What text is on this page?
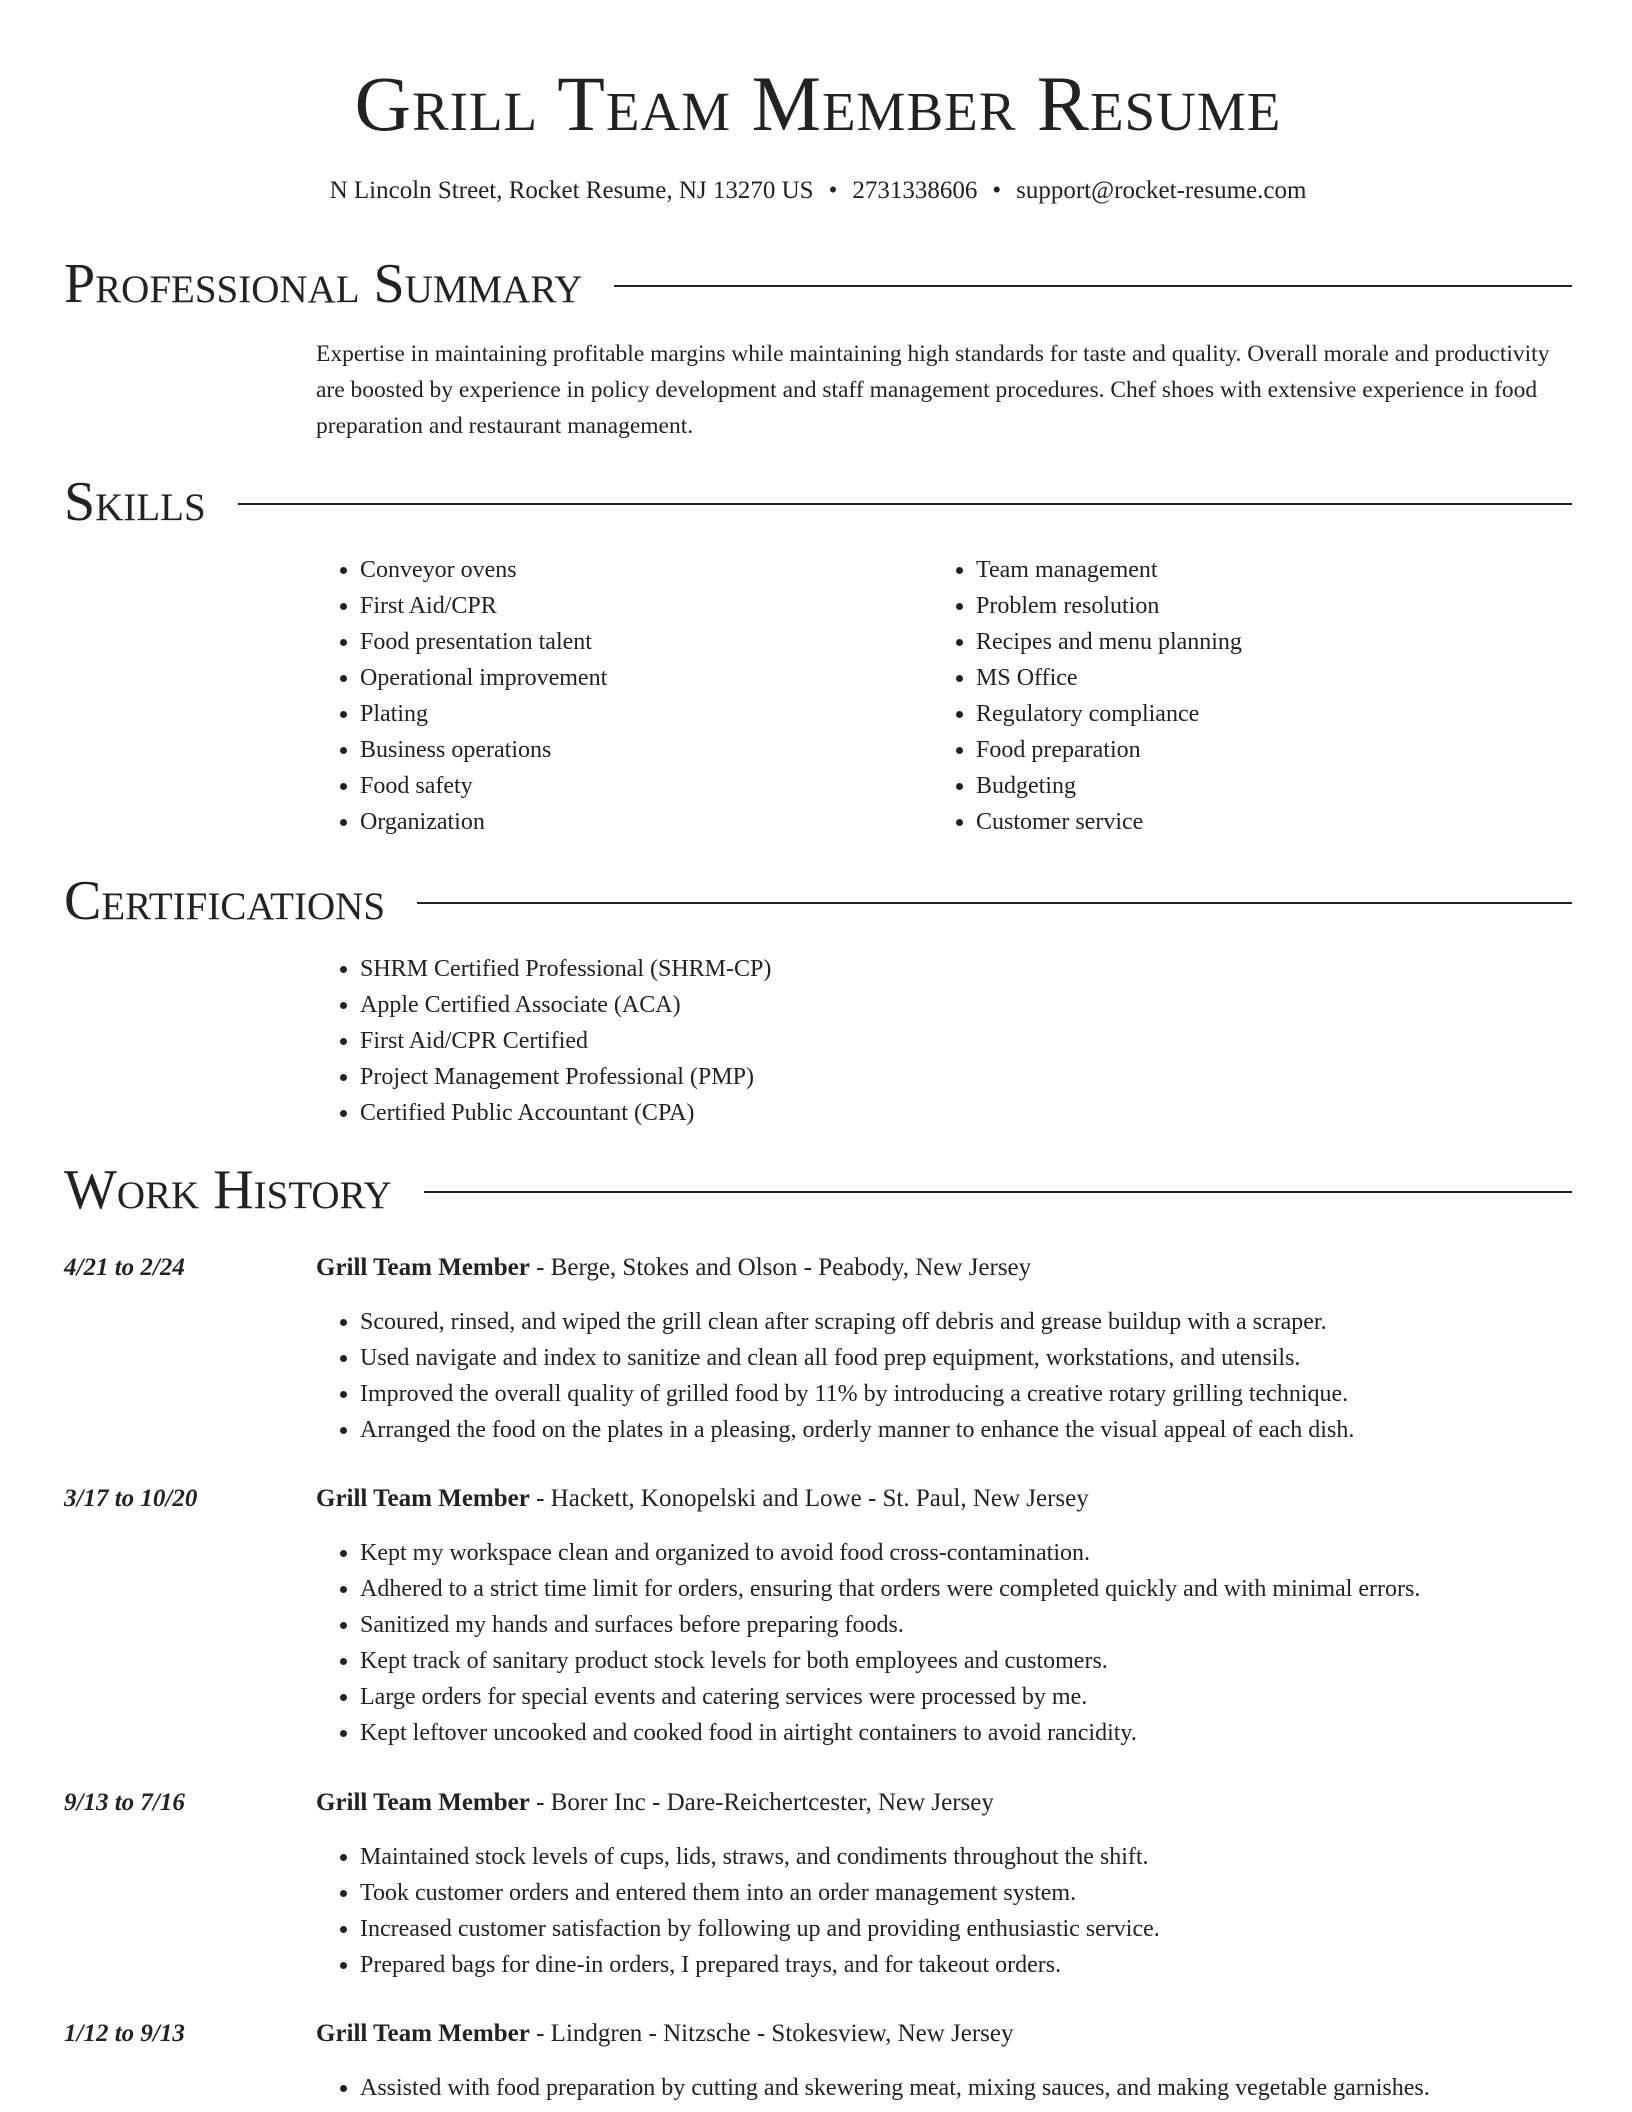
Grill Team Member Resume
N Lincoln Street, Rocket Resume, NJ 13270 US • 2731338606 • support@rocket-resume.com
Professional Summary

Expertise in maintaining profitable margins while maintaining high standards for taste and quality. Overall morale and productivity are boosted by experience in policy development and staff management procedures. Chef shoes with extensive experience in food preparation and restaurant management.

Skills
• Conveyor ovens
• First Aid/CPR
• Food presentation talent
• Operational improvement
• Plating
• Business operations
• Food safety
• Organization
• Team management
• Problem resolution
• Recipes and menu planning
• MS Office
• Regulatory compliance
• Food preparation
• Budgeting
• Customer service
Certifications
• SHRM Certified Professional (SHRM-CP)
• Apple Certified Associate (ACA)
• First Aid/CPR Certified
• Project Management Professional (PMP)
• Certified Public Accountant (CPA)
Work History
4/21 to 2/24	Grill Team Member - Berge, Stokes and Olson - Peabody, New Jersey
• Scoured, rinsed, and wiped the grill clean after scraping off debris and grease buildup with a scraper.
• Used navigate and index to sanitize and clean all food prep equipment, workstations, and utensils.
• Improved the overall quality of grilled food by 11% by introducing a creative rotary grilling technique.
• Arranged the food on the plates in a pleasing, orderly manner to enhance the visual appeal of each dish.
3/17 to 10/20	Grill Team Member - Hackett, Konopelski and Lowe - St. Paul, New Jersey
• Kept my workspace clean and organized to avoid food cross-contamination.
• Adhered to a strict time limit for orders, ensuring that orders were completed quickly and with minimal errors.
• Sanitized my hands and surfaces before preparing foods.
• Kept track of sanitary product stock levels for both employees and customers.
• Large orders for special events and catering services were processed by me.
• Kept leftover uncooked and cooked food in airtight containers to avoid rancidity.
9/13 to 7/16	Grill Team Member - Borer Inc - Dare-Reichertcester, New Jersey
• Maintained stock levels of cups, lids, straws, and condiments throughout the shift.
• Took customer orders and entered them into an order management system.
• Increased customer satisfaction by following up and providing enthusiastic service.
• Prepared bags for dine-in orders, I prepared trays, and for takeout orders.
1/12 to 9/13	Grill Team Member - Lindgren - Nitzsche - Stokesview, New Jersey
• Assisted with food preparation by cutting and skewering meat, mixing sauces, and making vegetable garnishes.
